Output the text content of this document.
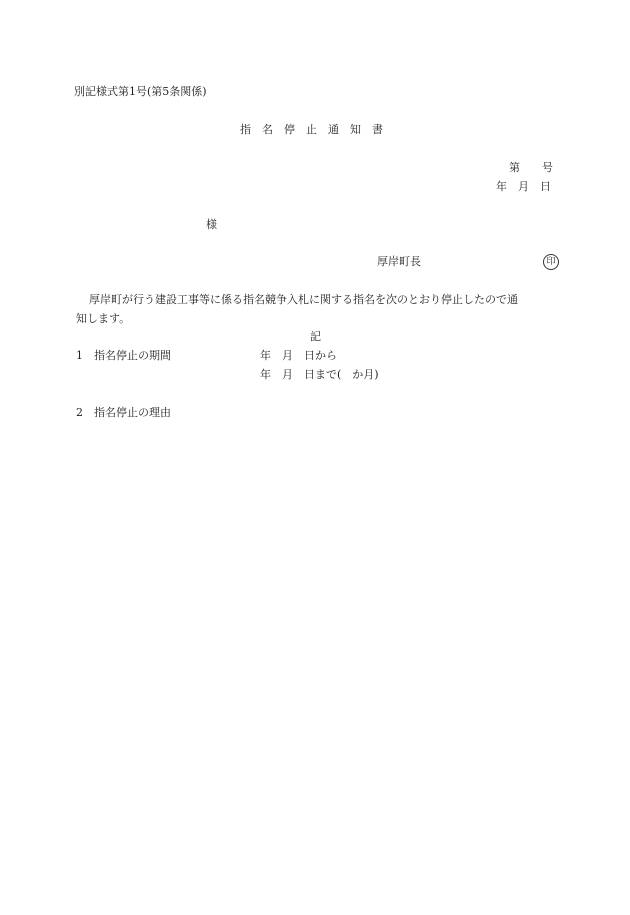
別記様式第1号(第5条関係)
指　名　停　止　通　知　書
第　　号
年　月　日
様
厚岸町長	印
厚岸町が行う建設工事等に係る指名競争入札に関する指名を次のとおり停止したので通
知します。
記
1　指名停止の期間	年　月　日から
年　月　日まで(　か月)
2　指名停止の理由
